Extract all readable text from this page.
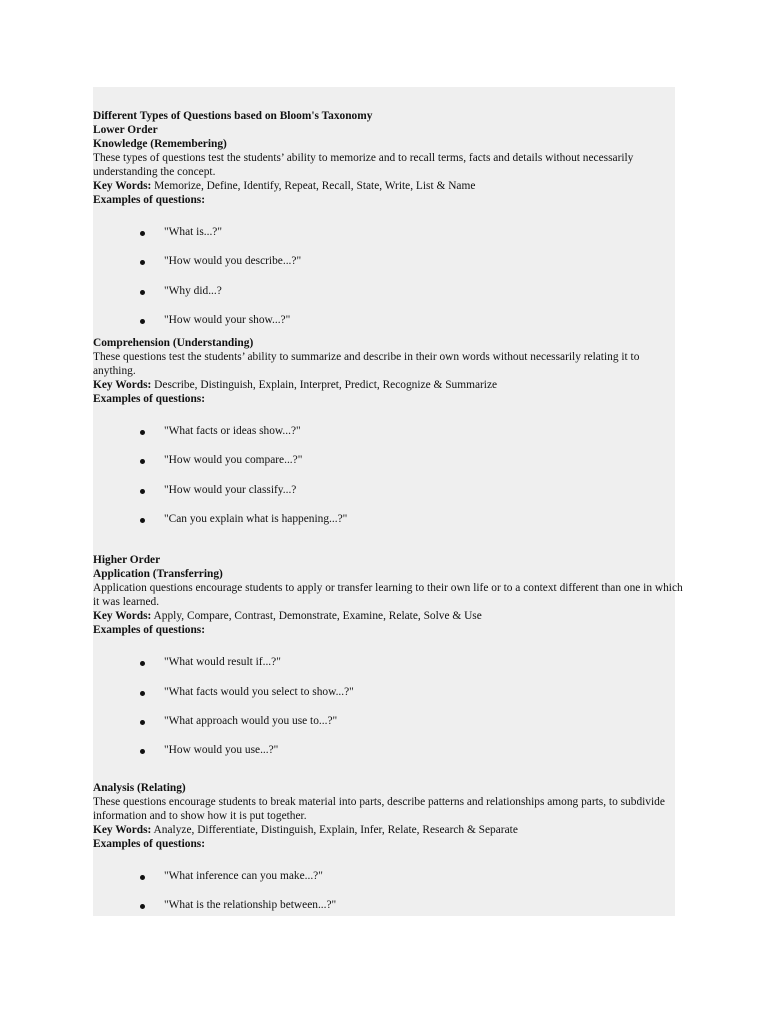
Different Types of Questions based on Bloom's Taxonomy

Lower Order

Knowledge (Remembering)

These types of questions test the students’ ability to memorize and to recall terms, facts and details without necessarily understanding the concept.

Key Words: Memorize, Define, Identify, Repeat, Recall, State, Write, List & Name

Examples of questions:

"What is...?"
"How would you describe...?"
"Why did...?
"How would your show...?"

Comprehension (Understanding)

These questions test the students’ ability to summarize and describe in their own words without necessarily relating it to anything.

Key Words: Describe, Distinguish, Explain, Interpret, Predict, Recognize & Summarize

Examples of questions:

"What facts or ideas show...?"
"How would you compare...?"
"How would your classify...?
"Can you explain what is happening...?"

Higher Order

Application (Transferring)

Application questions encourage students to apply or transfer learning to their own life or to a context different than one in which it was learned.

Key Words: Apply, Compare, Contrast, Demonstrate, Examine, Relate, Solve & Use

Examples of questions:

"What would result if...?"
"What facts would you select to show...?"
"What approach would you use to...?"
"How would you use...?"

Analysis (Relating)

These questions encourage students to break material into parts, describe patterns and relationships among parts, to subdivide information and to show how it is put together.

Key Words: Analyze, Differentiate, Distinguish, Explain, Infer, Relate, Research & Separate

Examples of questions:

"What inference can you make...?"
"What is the relationship between...?"
